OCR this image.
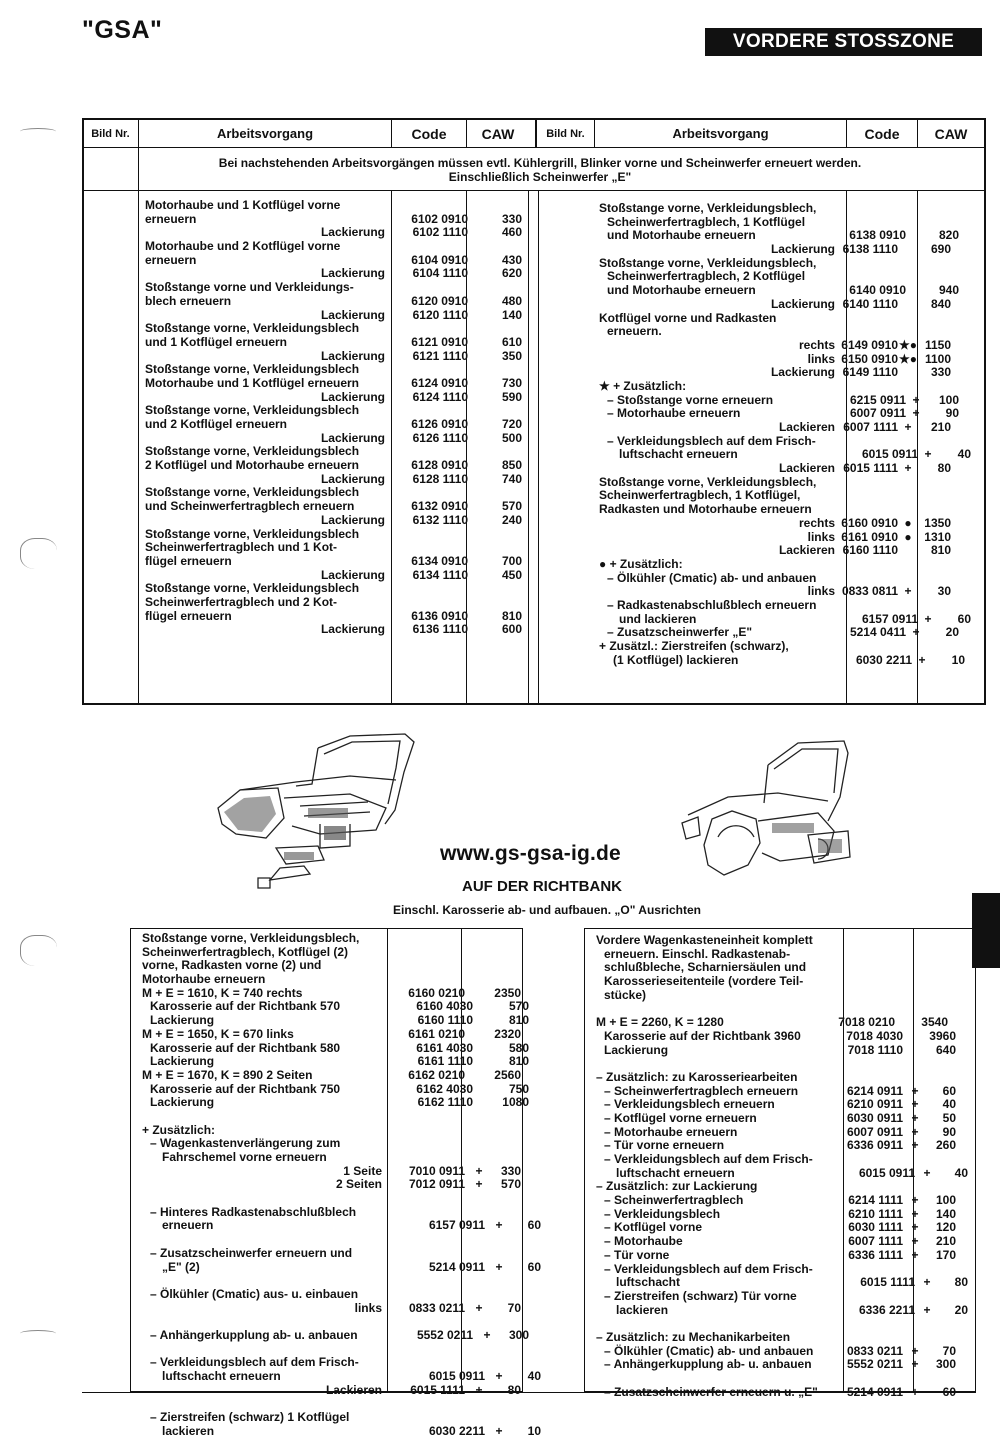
"GSA"	VORDERE STOSSZONE
Bild Nr.	Arbeitsvorgang	Code	CAW	Bild Nr.	Arbeitsvorgang	Code	CAW
Bei nachstehenden Arbeitsvorgängen müssen evtl. Kühlergrill, Blinker vorne und Scheinwerfer erneuert werden.
Einschließlich Scheinwerfer „E"
Motorhaube und 1 Kotflügel vorne
erneuern	6102 0910	330
Lackierung	6102 1110	460
Motorhaube und 2 Kotflügel vorne
erneuern	6104 0910	430
Lackierung	6104 1110	620
Stoßstange vorne und Verkleidungs-
blech erneuern	6120 0910	480
Lackierung	6120 1110	140
Stoßstange vorne, Verkleidungsblech
und 1 Kotflügel erneuern	6121 0910	610
Lackierung	6121 1110	350
Stoßstange vorne, Verkleidungsblech
Motorhaube und 1 Kotflügel erneuern	6124 0910	730
Lackierung	6124 1110	590
Stoßstange vorne, Verkleidungsblech
und 2 Kotflügel erneuern	6126 0910	720
Lackierung	6126 1110	500
Stoßstange vorne, Verkleidungsblech
2 Kotflügel und Motorhaube erneuern	6128 0910	850
Lackierung	6128 1110	740
Stoßstange vorne, Verkleidungsblech
und Scheinwerfertragblech erneuern	6132 0910	570
Lackierung	6132 1110	240
Stoßstange vorne, Verkleidungsblech
Scheinwerfertragblech und 1 Kot-
flügel erneuern	6134 0910	700
Lackierung	6134 1110	450
Stoßstange vorne, Verkleidungsblech
Scheinwerfertragblech und 2 Kot-
flügel erneuern	6136 0910	810
Lackierung	6136 1110	600
Stoßstange vorne, Verkleidungsblech,
Scheinwerfertragblech, 1 Kotflügel
und Motorhaube erneuern	6138 0910	820
Lackierung 6138 1110	690
Stoßstange vorne, Verkleidungsblech,
Scheinwerfertragblech, 2 Kotflügel
und Motorhaube erneuern	6140 0910	940
Lackierung 6140 1110	840
Kotflügel vorne und Radkasten
erneuern.
rechts 6149 0910 ★● 1150
links 6150 0910 ★● 1100
Lackierung 6149 1110	330
★ + Zusätzlich:
– Stoßstange vorne erneuern	6215 0911 +	100
– Motorhaube erneuern	6007 0911 +	90
Lackieren 6007 1111 +	210
– Verkleidungsblech auf dem Frisch-
luftschacht erneuern	6015 0911 +	40
Lackieren 6015 1111 +	80
Stoßstange vorne, Verkleidungsblech,
Scheinwerfertragblech, 1 Kotflügel,
Radkasten und Motorhaube erneuern
rechts 6160 0910 ●	1350
links 6161 0910 ●	1310
Lackieren 6160 1110	810
● + Zusätzlich:
– Ölkühler (Cmatic) ab- und anbauen
links 0833 0811 +	30
– Radkastenabschlußblech erneuern
und lackieren	6157 0911 +	60
– Zusatzscheinwerfer „E"	5214 0411 +	20
+ Zusätzl.: Zierstreifen (schwarz),
(1 Kotflügel) lackieren	6030 2211 +	10
www.gs-gsa-ig.de
AUF DER RICHTBANK
Einschl. Karosserie ab- und aufbauen. „O" Ausrichten
Stoßstange vorne, Verkleidungsblech,
Scheinwerfertragblech, Kotflügel (2)
vorne, Radkasten vorne (2) und
Motorhaube erneuern
M + E = 1610, K = 740 rechts	6160 0210 2350
Karosserie auf der Richtbank 570	6160 4030	570
Lackierung	6160 1110	810
M + E = 1650, K = 670 links	6161 0210 2320
Karosserie auf der Richtbank 580	6161 4030	580
Lackierung	6161 1110	810
M + E = 1670, K = 890 2 Seiten	6162 0210 2560
Karosserie auf der Richtbank 750	6162 4030	750
Lackierung	6162 1110 1080
+ Zusätzlich:
– Wagenkastenverlängerung zum
Fahrschemel vorne erneuern
1 Seite	7010 0911 +	330
2 Seiten	7012 0911 +	570
– Hinteres Radkastenabschlußblech
erneuern	6157 0911 +	60
– Zusatzscheinwerfer erneuern und
„E" (2)	5214 0911 +	60
– Ölkühler (Cmatic) aus- u. einbauen
links	0833 0211 +	70
– Anhängerkupplung ab- u. anbauen	5552 0211 +	300
– Verkleidungsblech auf dem Frisch-
luftschacht erneuern	6015 0911 +	40
Lackieren	6015 1111 +	80
– Zierstreifen (schwarz) 1 Kotflügel
lackieren	6030 2211 +	10
Vordere Wagenkasteneinheit komplett
erneuern. Einschl. Radkastenab-
schlußbleche, Scharniersäulen und
Karosserieseitenteile (vordere Teil-
stücke)
M + E = 2260, K = 1280	7018 0210 3540
Karosserie auf der Richtbank 3960	7018 4030 3960
Lackierung	7018 1110	640
– Zusätzlich: zu Karosseriearbeiten
– Scheinwerfertragblech erneuern	6214 0911 +	60
– Verkleidungsblech erneuern	6210 0911 +	40
– Kotflügel vorne erneuern	6030 0911 +	50
– Motorhaube erneuern	6007 0911 +	90
– Tür vorne erneuern	6336 0911 +	260
– Verkleidungsblech auf dem Frisch-
luftschacht erneuern	6015 0911 +	40
– Zusätzlich: zur Lackierung
– Scheinwerfertragblech	6214 1111 +	100
– Verkleidungsblech	6210 1111 +	140
– Kotflügel vorne	6030 1111 +	120
– Motorhaube	6007 1111 +	210
– Tür vorne	6336 1111 +	170
– Verkleidungsblech auf dem Frisch-
luftschacht	6015 1111 +	80
– Zierstreifen (schwarz) Tür vorne
lackieren	6336 2211 +	20
– Zusätzlich: zu Mechanikarbeiten
– Ölkühler (Cmatic) ab- und anbauen	0833 0211 +	70
– Anhängerkupplung ab- u. anbauen	5552 0211 +	300
– Zusatzscheinwerfer erneuern u. „E"	5214 0911 +	60
